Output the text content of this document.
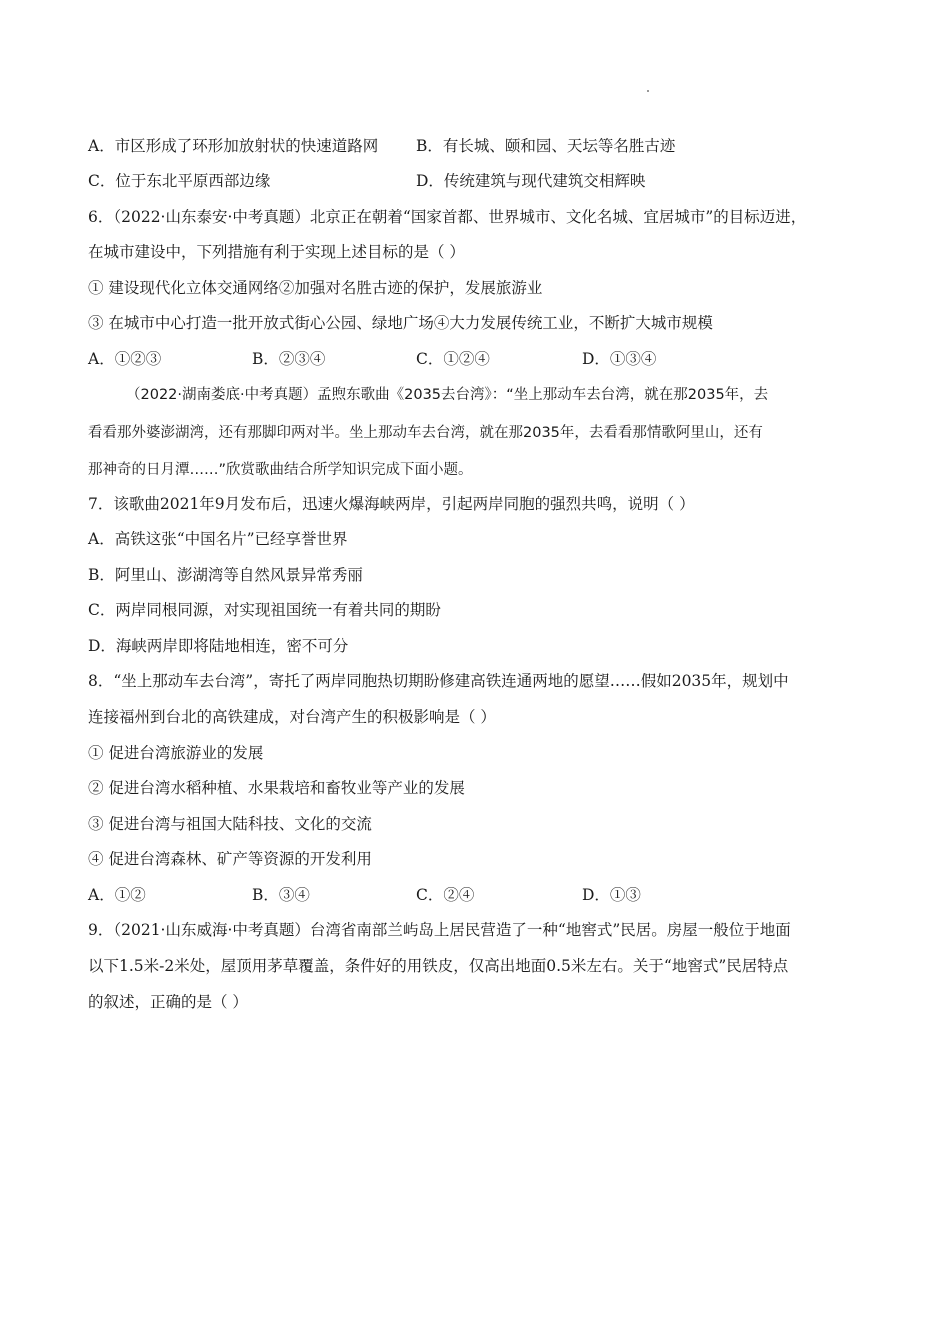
A．市区形成了环形加放射状的快速道路网 B．有长城、颐和园、天坛等名胜古迹
C．位于东北平原西部边缘	D．传统建筑与现代建筑交相辉映
6．（2022·山东泰安·中考真题）北京正在朝着“国家首都、世界城市、文化名城、宜居城市”的目标迈进，
在城市建设中，下列措施有利于实现上述目标的是（ ）
① 建设现代化立体交通网络②加强对名胜古迹的保护，发展旅游业
③ 在城市中心打造一批开放式街心公园、绿地广场④大力发展传统工业，不断扩大城市规模
A．①②③	B．②③④	C．①②④	D．①③④
（2022·湖南娄底·中考真题）孟煦东歌曲《2035去台湾》：“坐上那动车去台湾，就在那2035年，去
看看那外婆澎湖湾，还有那脚印两对半。坐上那动车去台湾，就在那2035年，去看看那情歌阿里山，还有
那神奇的日月潭……”欣赏歌曲结合所学知识完成下面小题。
7．该歌曲2021年9月发布后，迅速火爆海峡两岸，引起两岸同胞的强烈共鸣，说明（ ）
A．高铁这张“中国名片”已经享誉世界
B．阿里山、澎湖湾等自然风景异常秀丽
C．两岸同根同源，对实现祖国统一有着共同的期盼
D．海峡两岸即将陆地相连，密不可分
8．“坐上那动车去台湾”，寄托了两岸同胞热切期盼修建高铁连通两地的愿望……假如2035年，规划中
连接福州到台北的高铁建成，对台湾产生的积极影响是（ ）
① 促进台湾旅游业的发展
② 促进台湾水稻种植、水果栽培和畜牧业等产业的发展
③ 促进台湾与祖国大陆科技、文化的交流
④ 促进台湾森林、矿产等资源的开发利用
A．①②	B．③④	C．②④	D．①③
9．（2021·山东威海·中考真题）台湾省南部兰屿岛上居民营造了一种“地窖式”民居。房屋一般位于地面
以下1.5米-2米处，屋顶用茅草覆盖，条件好的用铁皮，仅高出地面0.5米左右。关于“地窖式”民居特点
的叙述，正确的是（ ）
